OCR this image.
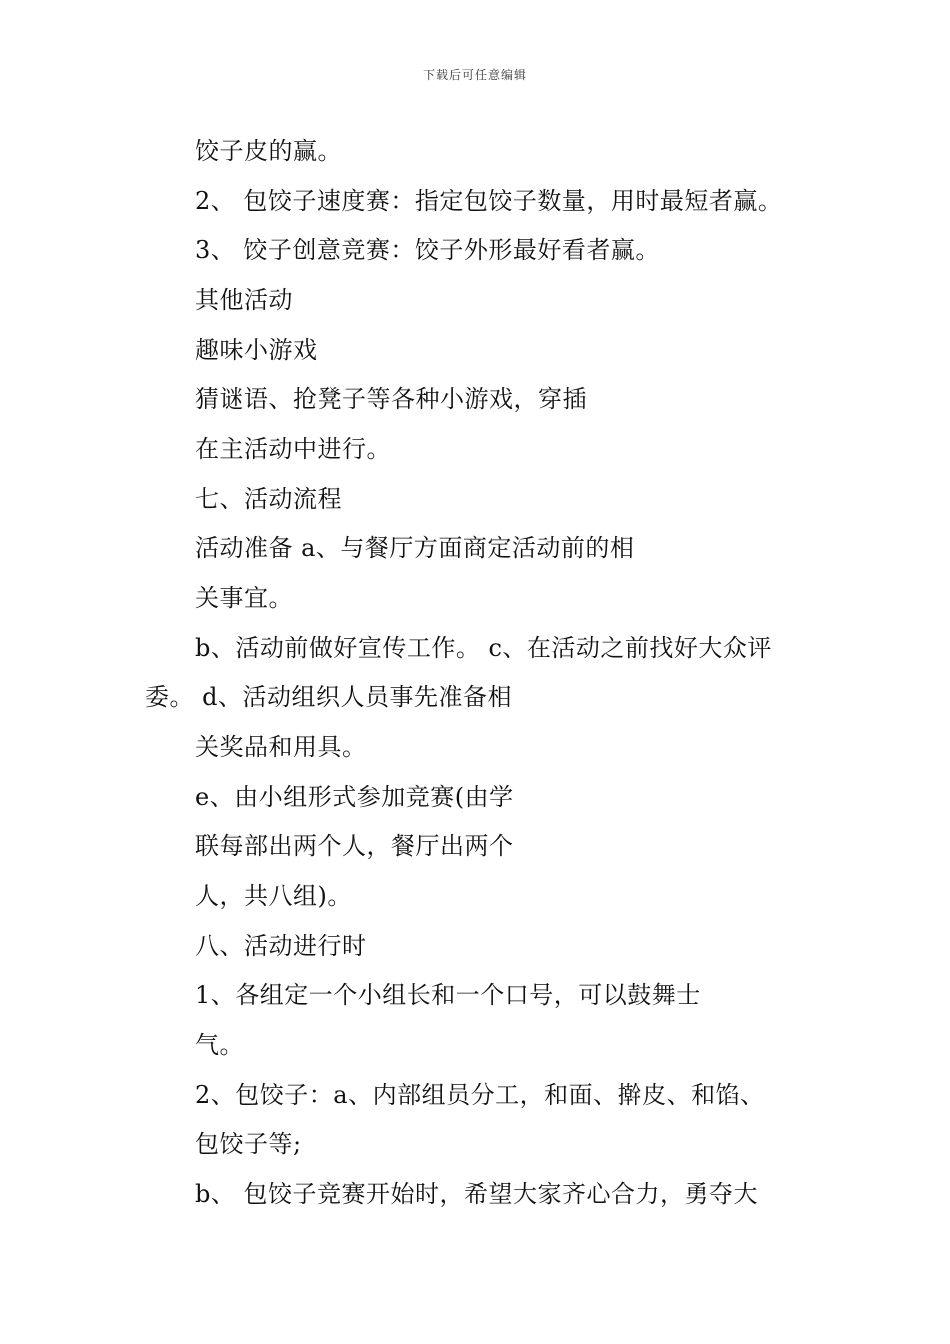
下载后可任意编辑
饺子皮的赢。
2、 包饺子速度赛：指定包饺子数量，用时最短者赢。
3、 饺子创意竞赛：饺子外形最好看者赢。
其他活动
趣味小游戏
猜谜语、抢凳子等各种小游戏，穿插
在主活动中进行。
七、活动流程
活动准备 a、与餐厅方面商定活动前的相
关事宜。
b、活动前做好宣传工作。 c、在活动之前找好大众评
委。 d、活动组织人员事先准备相
关奖品和用具。
e、由小组形式参加竞赛(由学
联每部出两个人，餐厅出两个
人，共八组)。
八、活动进行时
1、各组定一个小组长和一个口号，可以鼓舞士
气。
2、包饺子：a、内部组员分工，和面、擀皮、和馅、
包饺子等;
b、 包饺子竞赛开始时，希望大家齐心合力，勇夺大
